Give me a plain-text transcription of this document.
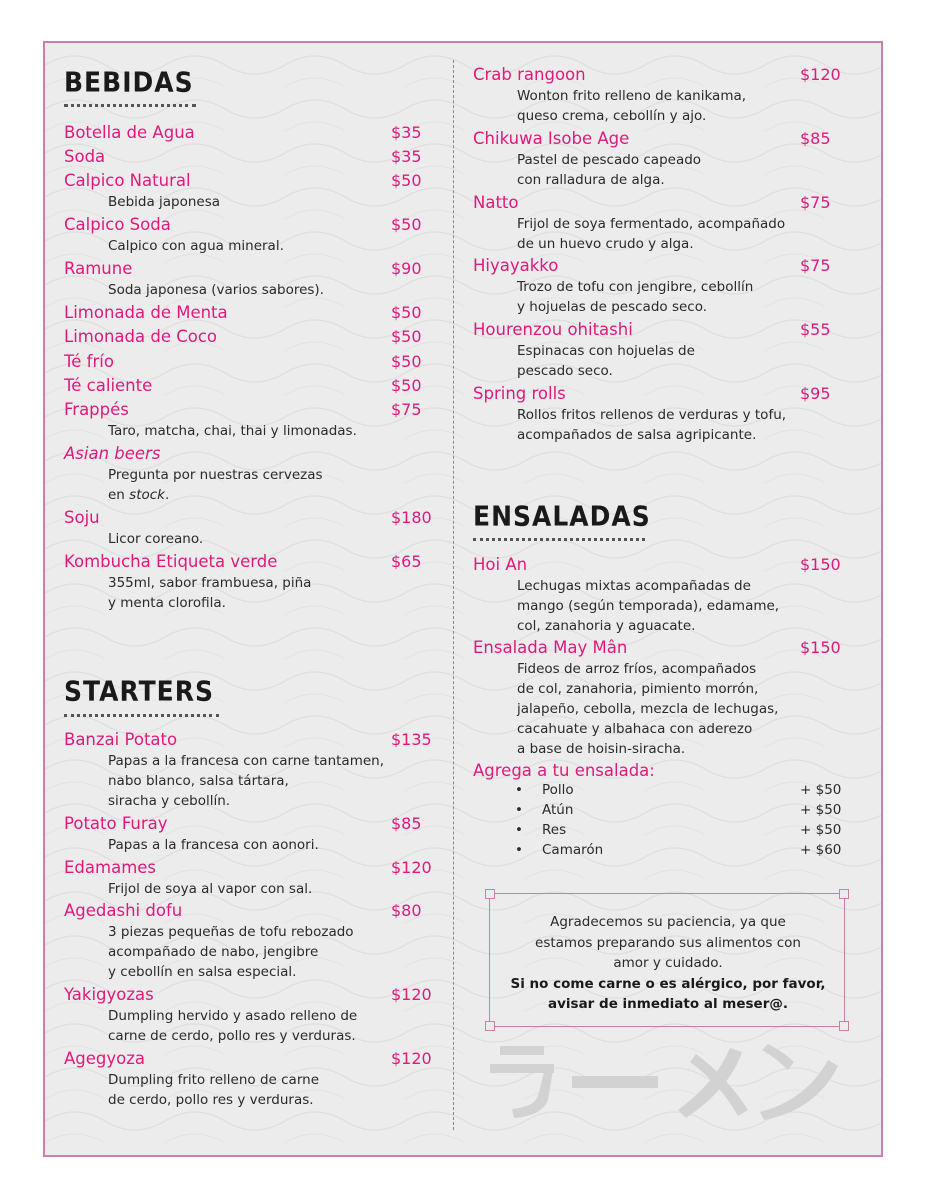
BEBIDAS
Botella de Agua	$35
Soda	$35
Calpico Natural	$50
Bebida japonesa
Calpico Soda	$50
Calpico con agua mineral.
Ramune	$90
Soda japonesa (varios sabores).
Limonada de Menta	$50
Limonada de Coco	$50
Té frío	$50
Té caliente	$50
Frappés	$75
Taro, matcha, chai, thai y limonadas.
Asian beers
Pregunta por nuestras cervezas
en stock.
Soju	$180
Licor coreano.
Kombucha Etiqueta verde	$65
355ml, sabor frambuesa, piña
y menta clorofila.
STARTERS
Banzai Potato	$135
Papas a la francesa con carne tantamen,
nabo blanco, salsa tártara,
siracha y cebollín.
Potato Furay	$85
Papas a la francesa con aonori.
Edamames	$120
Frijol de soya al vapor con sal.
Agedashi dofu	$80
3 piezas pequeñas de tofu rebozado
acompañado de nabo, jengibre
y cebollín en salsa especial.
Yakigyozas	$120
Dumpling hervido y asado relleno de
carne de cerdo, pollo res y verduras.
Agegyoza	$120
Dumpling frito relleno de carne
de cerdo, pollo res y verduras.
Crab rangoon	$120
Wonton frito relleno de kanikama,
queso crema, cebollín y ajo.
Chikuwa Isobe Age	$85
Pastel de pescado capeado
con ralladura de alga.
Natto	$75
Frijol de soya fermentado, acompañado
de un huevo crudo y alga.
Hiyayakko	$75
Trozo de tofu con jengibre, cebollín
y hojuelas de pescado seco.
Hourenzou ohitashi	$55
Espinacas con hojuelas de
pescado seco.
Spring rolls	$95
Rollos fritos rellenos de verduras y tofu,
acompañados de salsa agripicante.
ENSALADAS
Hoi An	$150
Lechugas mixtas acompañadas de
mango (según temporada), edamame,
col, zanahoria y aguacate.
Ensalada May Mân	$150
Fideos de arroz fríos, acompañados
de col, zanahoria, pimiento morrón,
jalapeño, cebolla, mezcla de lechugas,
cacahuate y albahaca con aderezo
a base de hoisin-siracha.
Agrega a tu ensalada:
• Pollo	+ $50
• Atún	+ $50
• Res	+ $50
• Camarón	+ $60
Agradecemos su paciencia, ya que
estamos preparando sus alimentos con
amor y cuidado.
Si no come carne o es alérgico, por favor,
avisar de inmediato al meser@.
